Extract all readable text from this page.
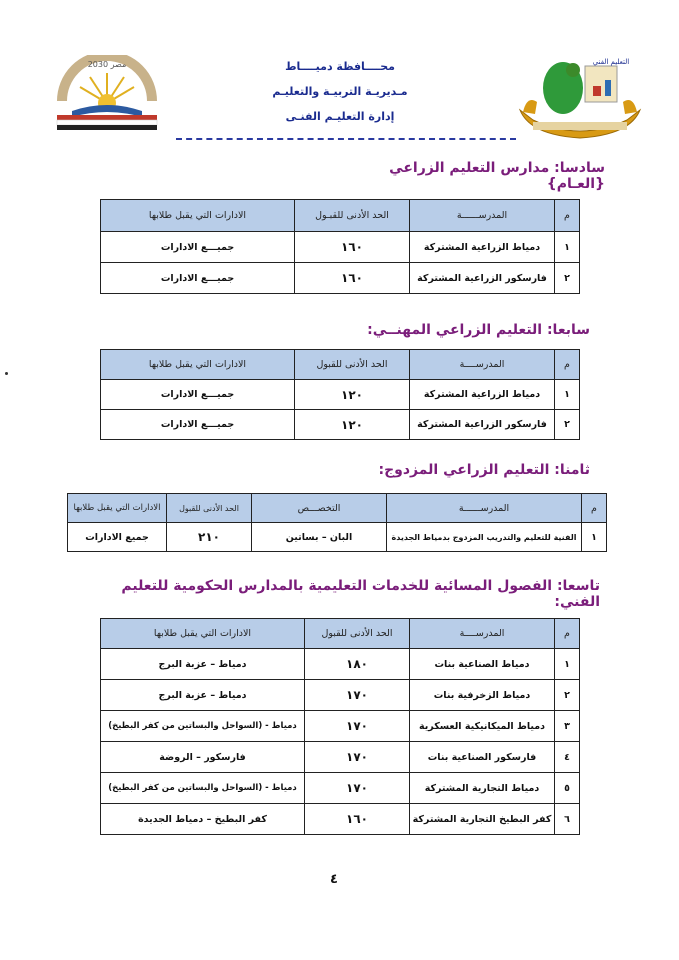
محــــافظة دميــــاط
مـديريـة التربيـة والتعليـم
إدارة التعليـم الفنـى
التعليم الفني
مصر 2030
سادسا: مدارس التعليم الزراعي {العـام}
م	المدرســــــة	الحد الأدنى للقبـول	الادارات التي يقبل طلابها
١	دمياط الزراعية المشتركة	١٦٠	جميـــع الادارات
٢	فارسكور الزراعية المشتركة	١٦٠	جميـــع الادارات
سابعا: التعليم الزراعي المهنــي:
م	المدرســــة	الحد الأدنى للقبول	الادارات التي يقبل طلابها
١	دمياط الزراعية المشتركة	١٢٠	جميـــع الادارات
٢	فارسكور الزراعية المشتركة	١٢٠	جميـــع الادارات
ثامنا: التعليم الزراعي المزدوج:
م	المدرســــــة	التخصـــص	الحد الأدنى للقبول	الادارات التي يقبل طلابها
١	الفنية للتعليم والتدريب المزدوج بدمياط الجديدة	البان – بساتين	٢١٠	جميع الادارات
تاسعا: الفصول المسائية للخدمات التعليمية بالمدارس الحكومية للتعليم الفني:
م	المدرســــة	الحد الأدنى للقبول	الادارات التي يقبل طلابها
١	دمياط الصناعية بنات	١٨٠	دمياط – عزبة البرج
٢	دمياط الزخرفية بنات	١٧٠	دمياط – عزبة البرج
٣	دمياط الميكانيكية العسكرية	١٧٠	دمياط - (السواحل والبساتين من كفر البطيخ)
٤	فارسكور الصناعية بنات	١٧٠	فارسكور – الروضة
٥	دمياط التجارية المشتركة	١٧٠	دمياط - (السواحل والبساتين من كفر البطيخ)
٦	كفر البطيخ التجارية المشتركة	١٦٠	كفر البطيخ – دمياط الجديدة
٤
